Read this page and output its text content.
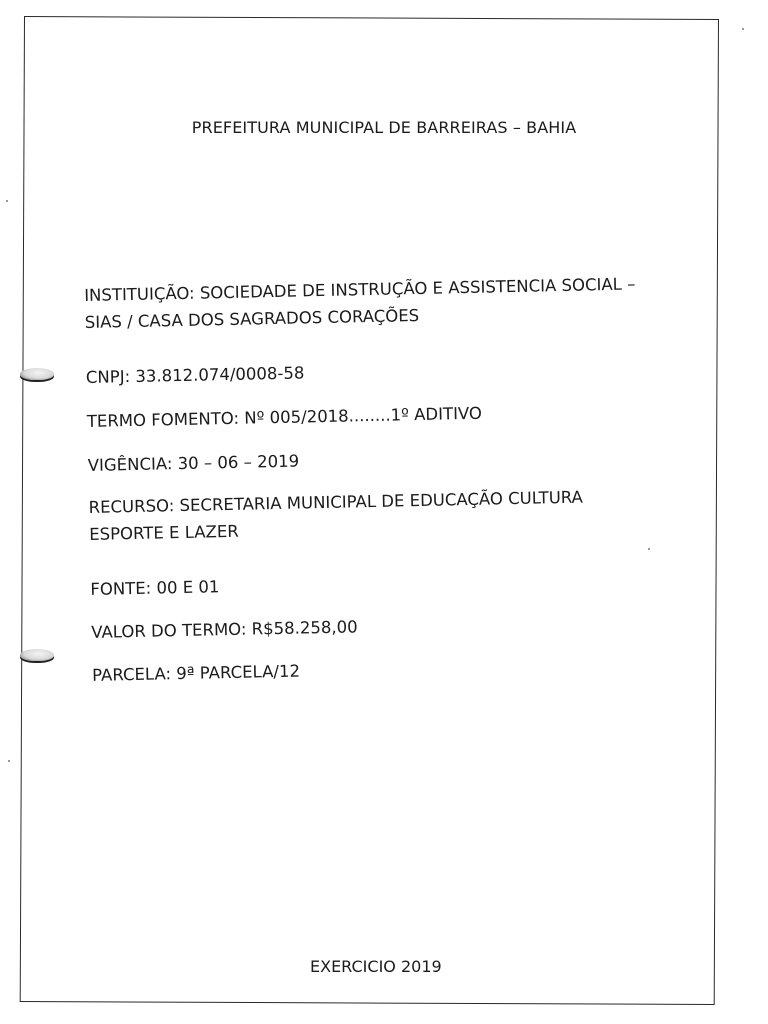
PREFEITURA MUNICIPAL DE BARREIRAS – BAHIA
INSTITUIÇÃO: SOCIEDADE DE INSTRUÇÃO E ASSISTENCIA SOCIAL –
SIAS / CASA DOS SAGRADOS CORAÇÕES
CNPJ: 33.812.074/0008-58
TERMO FOMENTO: Nº 005/2018........1º ADITIVO
VIGÊNCIA: 30 – 06 – 2019
RECURSO: SECRETARIA MUNICIPAL DE EDUCAÇÃO CULTURA
ESPORTE E LAZER
FONTE: 00 E 01
VALOR DO TERMO: R$58.258,00
PARCELA: 9ª PARCELA/12
EXERCICIO 2019
